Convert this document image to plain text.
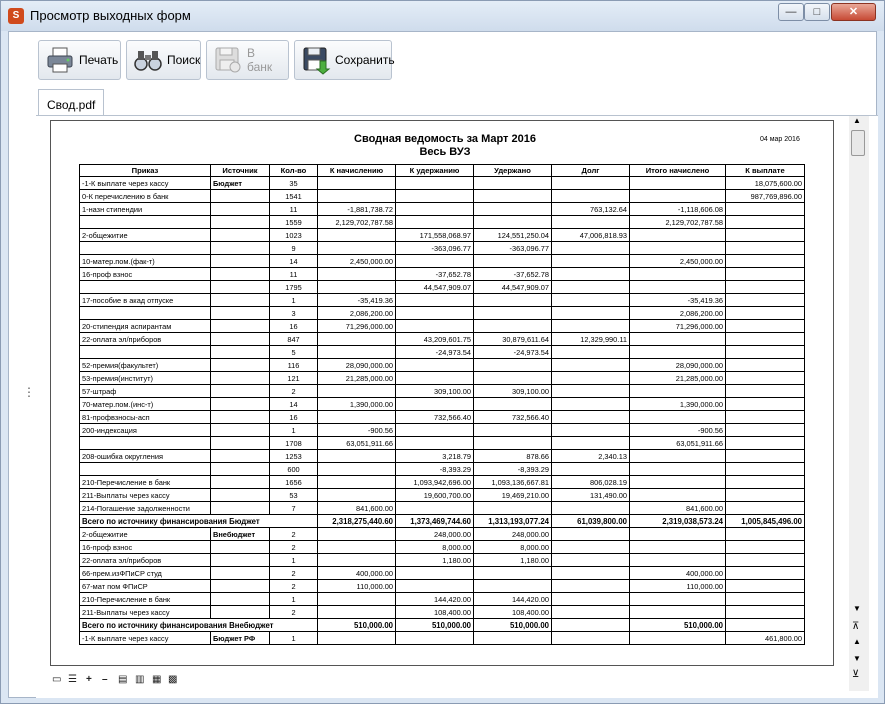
S Просмотр выходных форм	—	□	✕
Печать	Поиск	В банк	Сохранить
Свод.pdf
⋮
Сводная ведомость за Март 2016
Весь ВУЗ
04 мар 2016
Приказ	Источник	Кол-во	К начислению	К удержанию	Удержано	Долг	Итого начислено	К выплате
-1-К выплате через кассу	Бюджет	35						18,075,600.00
0-К перечислению в банк		1541						987,769,896.00
1-назн стипендии		11	-1,881,738.72			763,132.64	-1,118,606.08	
		1559	2,129,702,787.58				2,129,702,787.58	
2-общежитие		1023		171,558,068.97	124,551,250.04	47,006,818.93		
		9		-363,096.77	-363,096.77			
10-матер.пом.(фак-т)		14	2,450,000.00				2,450,000.00	
16-проф взнос		11		-37,652.78	-37,652.78			
		1795		44,547,909.07	44,547,909.07			
17-пособие в акад отпуске		1	-35,419.36				-35,419.36	
		3	2,086,200.00				2,086,200.00	
20-стипендия аспирантам		16	71,296,000.00				71,296,000.00	
22-оплата эл/приборов		847		43,209,601.75	30,879,611.64	12,329,990.11		
		5		-24,973.54	-24,973.54			
52-премия(факультет)		116	28,090,000.00				28,090,000.00	
53-премия(институт)		121	21,285,000.00				21,285,000.00	
57-штраф		2		309,100.00	309,100.00			
70-матер.пом.(инс-т)		14	1,390,000.00				1,390,000.00	
81-профвзносы-асп		16		732,566.40	732,566.40			
200-индексация		1	-900.56				-900.56	
		1708	63,051,911.66				63,051,911.66	
208-ошибка округления		1253		3,218.79	878.66	2,340.13		
		600		-8,393.29	-8,393.29			
210-Перечисление в банк		1656		1,093,942,696.00	1,093,136,667.81	806,028.19		
211-Выплаты через кассу		53		19,600,700.00	19,469,210.00	131,490.00		
214-Погашение задолженности		7	841,600.00				841,600.00	
Всего по источнику финансирования Бюджет			2,318,275,440.60	1,373,469,744.60	1,313,193,077.24	61,039,800.00	2,319,038,573.24	1,005,845,496.00
2-общежитие	Внебюджет	2		248,000.00	248,000.00			
16-проф взнос		2		8,000.00	8,000.00			
22-оплата эл/приборов		1		1,180.00	1,180.00			
66-прем.изФПиСР студ		2	400,000.00				400,000.00	
67-мат пом ФПиСР		2	110,000.00				110,000.00	
210-Перечисление в банк		1		144,420.00	144,420.00			
211-Выплаты через кассу		2		108,400.00	108,400.00			
Всего по источнику финансирования Внебюджет			510,000.00	510,000.00	510,000.00		510,000.00	
-1-К выплате через кассу	Бюджет РФ	1						461,800.00
▲
▼
⊼
▲
▼
⊻
▭ ☰ + – ▤ ▥ ▦ ▩
